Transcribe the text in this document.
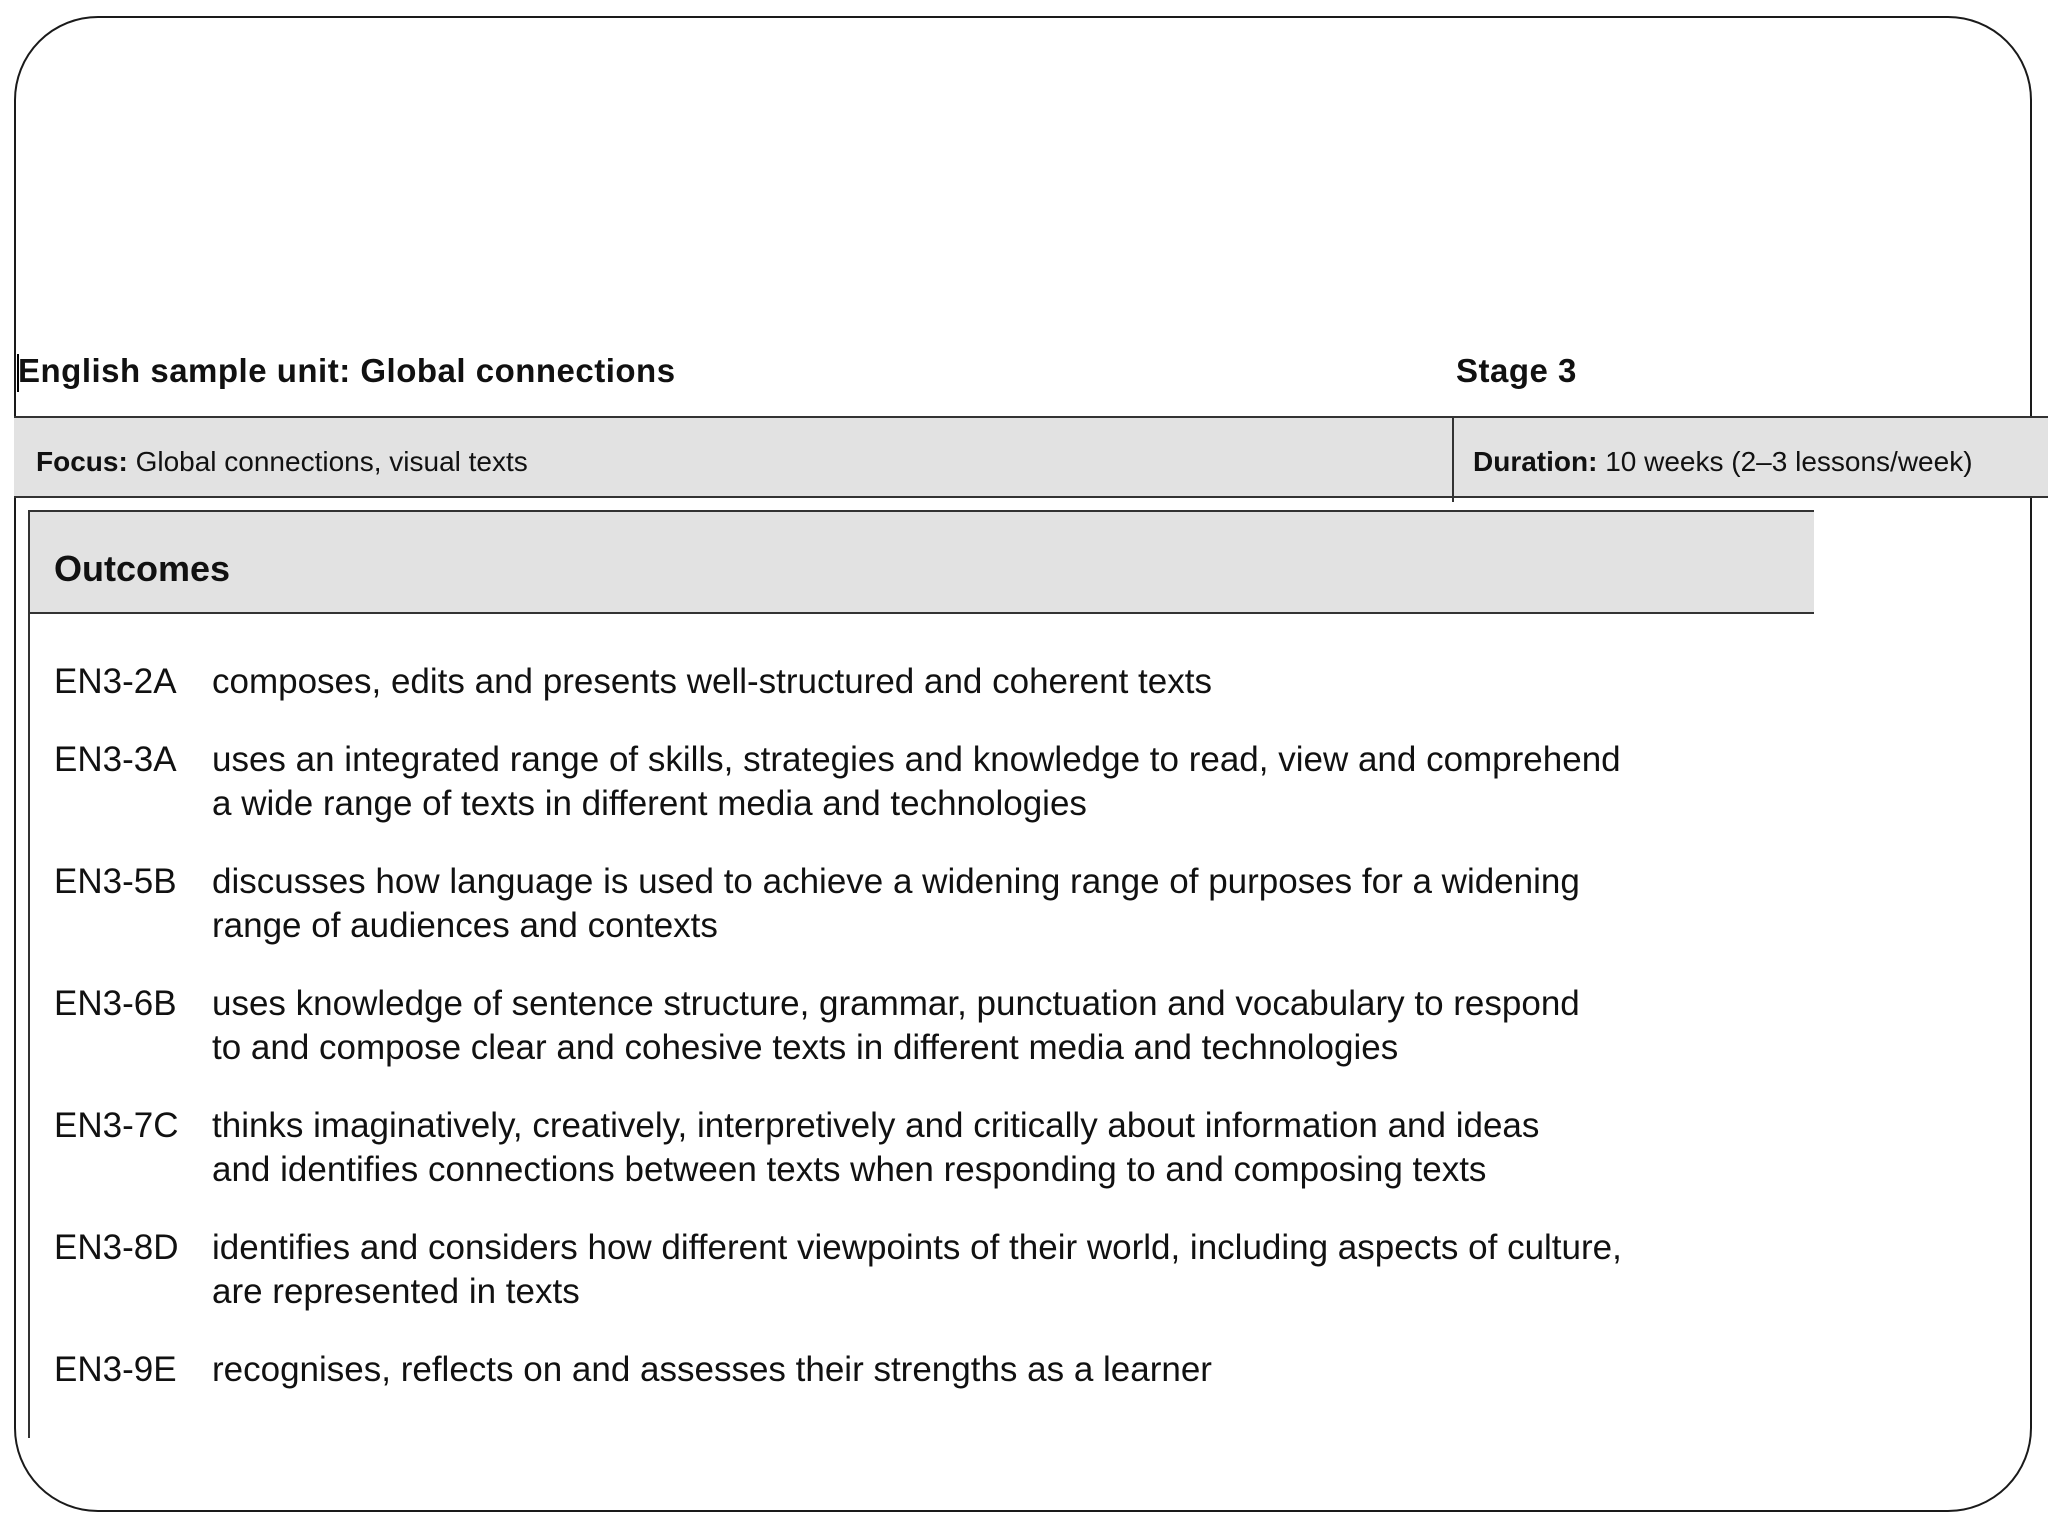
English sample unit: Global connections	Stage 3
Focus: Global connections, visual texts	Duration: 10 weeks (2–3 lessons/week)
Outcomes
EN3-2A	composes, edits and presents well-structured and coherent texts
EN3-3A	uses an integrated range of skills, strategies and knowledge to read, view and comprehend
a wide range of texts in different media and technologies
EN3-5B	discusses how language is used to achieve a widening range of purposes for a widening
range of audiences and contexts
EN3-6B	uses knowledge of sentence structure, grammar, punctuation and vocabulary to respond
to and compose clear and cohesive texts in different media and technologies
EN3-7C thinks imaginatively, creatively, interpretively and critically about information and ideas
and identifies connections between texts when responding to and composing texts
EN3-8D identifies and considers how different viewpoints of their world, including aspects of culture,
are represented in texts
EN3-9E	recognises, reflects on and assesses their strengths as a learner
